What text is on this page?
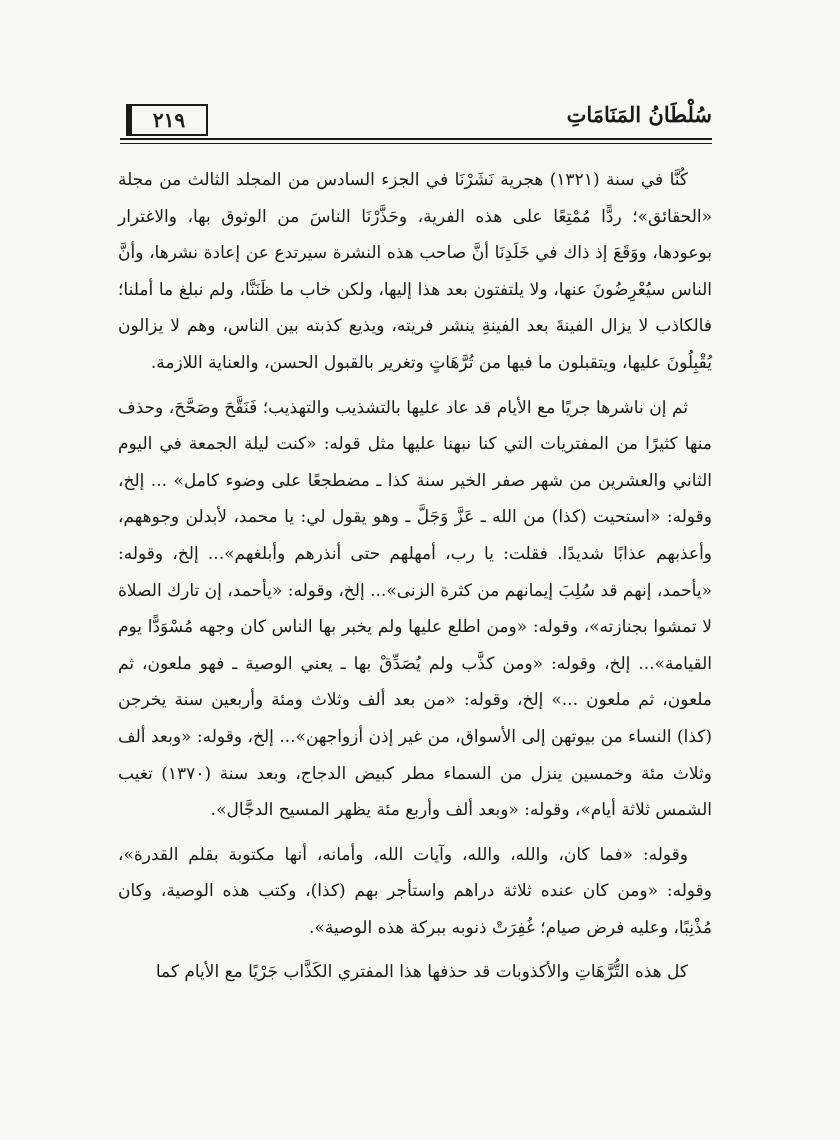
سُلْطَانُ المَنَامَاتِ
٢١٩

كُنَّا في سنة (١٣٢١) هجرية نَشَرْنَا في الجزء السادس من المجلد الثالث من مجلة «الحقائق»؛ ردًّا مُمْتِعًا على هذه الفرية، وحَذَّرْنَا الناسَ من الوثوق بها، والاغترار بوعودها، ووَقَعَ إذ ذاك في خَلَدِنَا أنَّ صاحب هذه النشرة سيرتدع عن إعادة نشرها، وأنَّ الناس سيُعْرِضُونَ عنها، ولا يلتفتون بعد هذا إليها، ولكن خاب ما ظَنَنَّا، ولم نبلغ ما أملنا؛ فالكاذب لا يزال الفينةَ بعد الفينةِ ينشر فريته، ويذيع كذبته بين الناس، وهم لا يزالون يُقْبِلُونَ عليها، ويتقبلون ما فيها من تُرَّهَاتٍ وتغرير بالقبول الحسن، والعناية اللازمة.

ثم إن ناشرها جريًا مع الأيام قد عاد عليها بالتشذيب والتهذيب؛ فَنَقَّحَ وصَحَّحَ، وحذف منها كثيرًا من المفتريات التي كنا نبهنا عليها مثل قوله: «كنت ليلة الجمعة في اليوم الثاني والعشرين من شهر صفر الخير سنة كذا ـ مضطجعًا على وضوء كامل» ... إلخ، وقوله: «استحيت (كذا) من الله ـ عَزَّ وَجَلَّ ـ وهو يقول لي: يا محمد، لأبدلن وجوههم، وأعذبهم عذابًا شديدًا. فقلت: يا رب، أمهلهم حتى أنذرهم وأبلغهم»... إلخ، وقوله: «يأحمد، إنهم قد سُلِبَ إيمانهم من كثرة الزنى»... إلخ، وقوله: «يأحمد، إن تارك الصلاة لا تمشوا بجنازته»، وقوله: «ومن اطلع عليها ولم يخبر بها الناس كان وجهه مُسْوَدًّا يوم القيامة»... إلخ، وقوله: «ومن كذَّب ولم يُصَدِّقْ بها ـ يعني الوصية ـ فهو ملعون، ثم ملعون، ثم ملعون ...» إلخ، وقوله: «من بعد ألف وثلاث ومئة وأربعين سنة يخرجن (كذا) النساء من بيوتهن إلى الأسواق، من غير إذن أزواجهن»... إلخ، وقوله: «وبعد ألف وثلاث مئة وخمسين ينزل من السماء مطر كبيض الدجاج، وبعد سنة (١٣٧٠) تغيب الشمس ثلاثة أيام»، وقوله: «وبعد ألف وأربع مئة يظهر المسيح الدجَّال».

وقوله: «فما كان، والله، والله، وآيات الله، وأمانه، أنها مكتوبة بقلم القدرة»، وقوله: «ومن كان عنده ثلاثة دراهم واستأجر بهم (كذا)، وكتب هذه الوصية، وكان مُذْنِبًا، وعليه فرض صيام؛ غُفِرَتْ ذنوبه ببركة هذه الوصية».

كل هذه التُّرَّهَاتِ والأكذوبات قد حذفها هذا المفتري الكَذَّاب جَرْيًا مع الأيام كما
